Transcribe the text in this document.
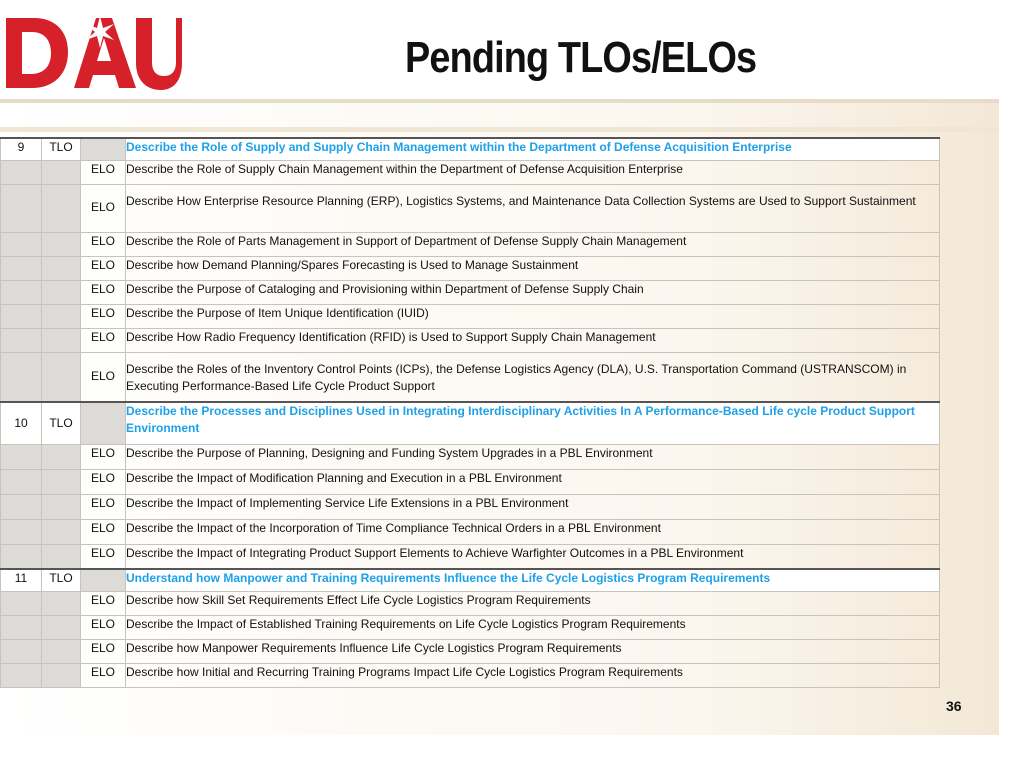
DAU
Pending TLOs/ELOs
9	TLO		Describe the Role of Supply and Supply Chain Management within the Department of Defense Acquisition Enterprise
		ELO	Describe the Role of Supply Chain Management within the Department of Defense Acquisition Enterprise
		ELO	Describe How Enterprise Resource Planning (ERP), Logistics Systems, and Maintenance Data Collection Systems are Used to Support Sustainment
		ELO	Describe the Role of Parts Management in Support of Department of Defense Supply Chain Management
		ELO	Describe how Demand Planning/Spares Forecasting is Used to Manage Sustainment
		ELO	Describe the Purpose of Cataloging and Provisioning within Department of Defense Supply Chain
		ELO	Describe the Purpose of Item Unique Identification (IUID)
		ELO	Describe How Radio Frequency Identification (RFID) is Used to Support Supply Chain Management
		ELO	Describe the Roles of the Inventory Control Points (ICPs), the Defense Logistics Agency (DLA), U.S. Transportation Command (USTRANSCOM) in Executing Performance-Based Life Cycle Product Support
10	TLO		Describe the Processes and Disciplines Used in Integrating Interdisciplinary Activities In A Performance-Based Life cycle Product Support Environment
		ELO	Describe the Purpose of Planning, Designing and Funding System Upgrades in a PBL Environment
		ELO	Describe the Impact of Modification Planning and Execution in a PBL Environment
		ELO	Describe the Impact of Implementing Service Life Extensions in a PBL Environment
		ELO	Describe the Impact of the Incorporation of Time Compliance Technical Orders in a PBL Environment
		ELO	Describe the Impact of Integrating Product Support Elements to Achieve Warfighter Outcomes in a PBL Environment
11	TLO		Understand how Manpower and Training Requirements Influence the Life Cycle Logistics Program Requirements
		ELO	Describe how Skill Set Requirements Effect Life Cycle Logistics Program Requirements
		ELO	Describe the Impact of Established Training Requirements on Life Cycle Logistics Program Requirements
		ELO	Describe how Manpower Requirements Influence Life Cycle Logistics Program Requirements
		ELO	Describe how Initial and Recurring Training Programs Impact Life Cycle Logistics Program Requirements
36
